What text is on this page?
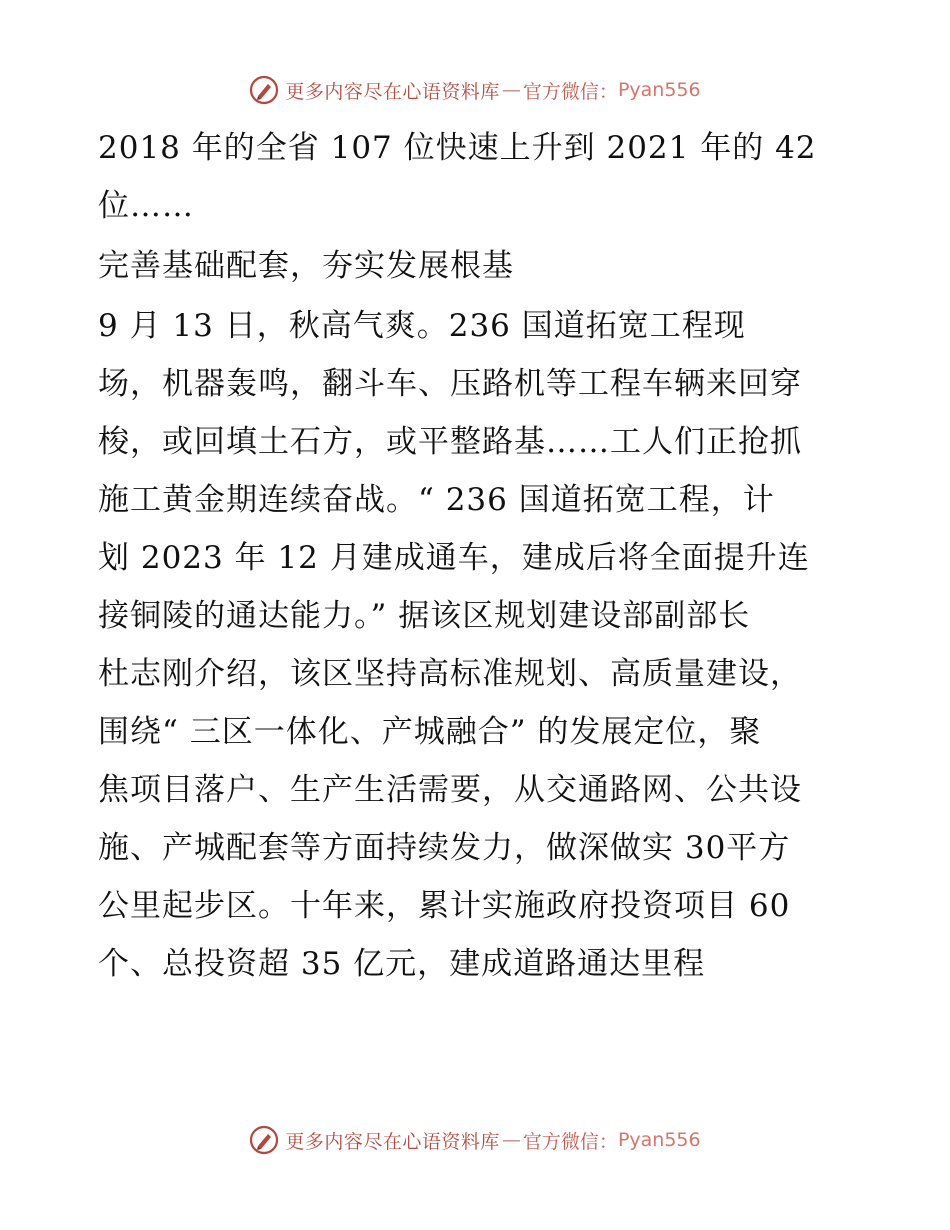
更多内容尽在心语资料库 — 官方微信： Pyan556
2018 年的全省 107 位快速上升到 2021 年的 42
位……
完善基础配套，夯实发展根基
9 月 13 日，秋高气爽。236 国道拓宽工程现
场，机器轰鸣，翻斗车、压路机等工程车辆来回穿
梭，或回填土石方，或平整路基……工人们正抢抓
施工黄金期连续奋战。“ 236 国道拓宽工程，计
划 2023 年 12 月建成通车，建成后将全面提升连
接铜陵的通达能力。” 据该区规划建设部副部长
杜志刚介绍，该区坚持高标准规划、高质量建设，
围绕“ 三区一体化、产城融合” 的发展定位，聚
焦项目落户、生产生活需要，从交通路网、公共设
施、产城配套等方面持续发力，做深做实 30平方
公里起步区。十年来，累计实施政府投资项目 60
个、总投资超 35 亿元，建成道路通达里程
更多内容尽在心语资料库 — 官方微信： Pyan556
